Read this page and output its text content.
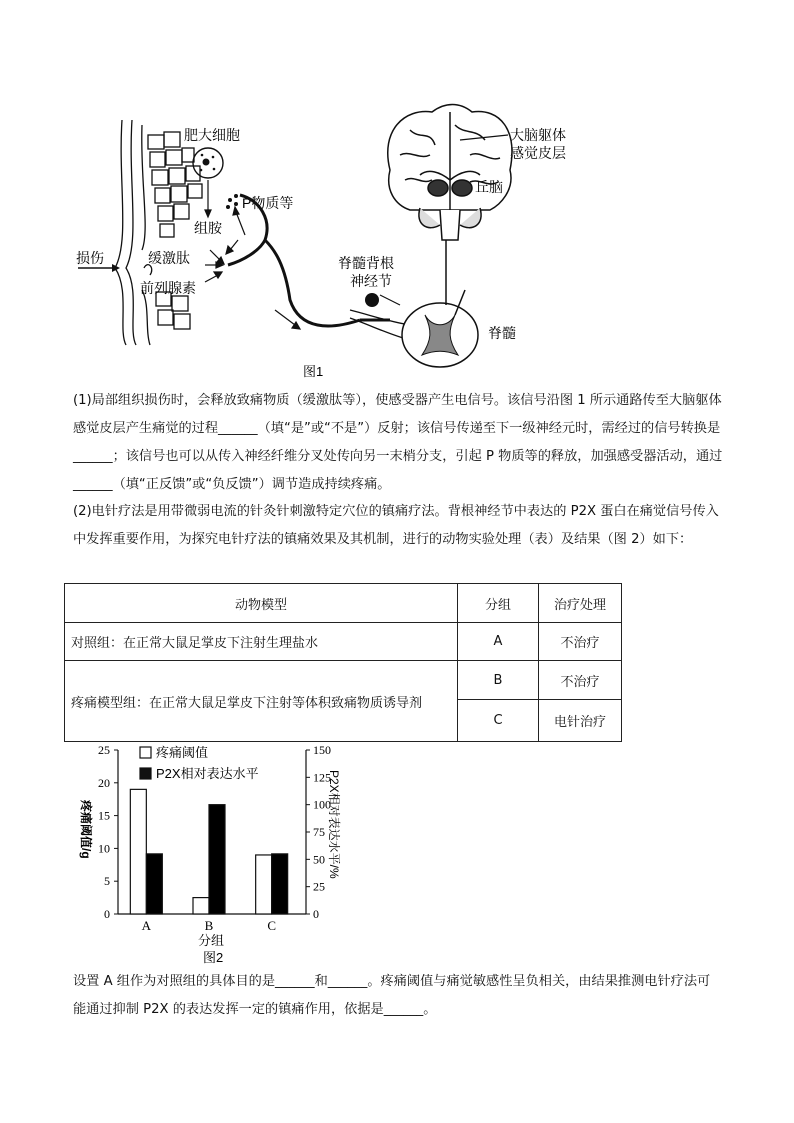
损伤
肥大细胞
P物质等
组胺
缓激肽
前列腺素
脊髓背根
神经节
脊髓
大脑躯体
感觉皮层
丘脑
图1
(1)局部组织损伤时，会释放致痛物质（缓激肽等），使感受器产生电信号。该信号沿图 1 所示通路传至大脑躯体感觉皮层产生痛觉的过程______（填“是”或“不是”）反射；该信号传递至下一级神经元时，需经过的信号转换是______；该信号也可以从传入神经纤维分叉处传向另一末梢分支，引起 P 物质等的释放，加强感受器活动，通过______（填“正反馈”或“负反馈”）调节造成持续疼痛。
(2)电针疗法是用带微弱电流的针灸针刺激特定穴位的镇痛疗法。背根神经节中表达的 P2X 蛋白在痛觉信号传入中发挥重要作用，为探究电针疗法的镇痛效果及其机制，进行的动物实验处理（表）及结果（图 2）如下：
动物模型	分组	治疗处理
对照组：在正常大鼠足掌皮下注射生理盐水	A	不治疗
疼痛模型组：在正常大鼠足掌皮下注射等体积致痛物质诱导剂	B	不治疗
	C	电针治疗
0
5
10
15
20
25
0
25
50
75
100
125
150
A	B	C
疼痛阈值
P2X相对表达水平
疼痛阈值/g	P2X相对表达水平/%
分组
图2
设置 A 组作为对照组的具体目的是______和______。疼痛阈值与痛觉敏感性呈负相关，由结果推测电针疗法可能通过抑制 P2X 的表达发挥一定的镇痛作用，依据是______。
